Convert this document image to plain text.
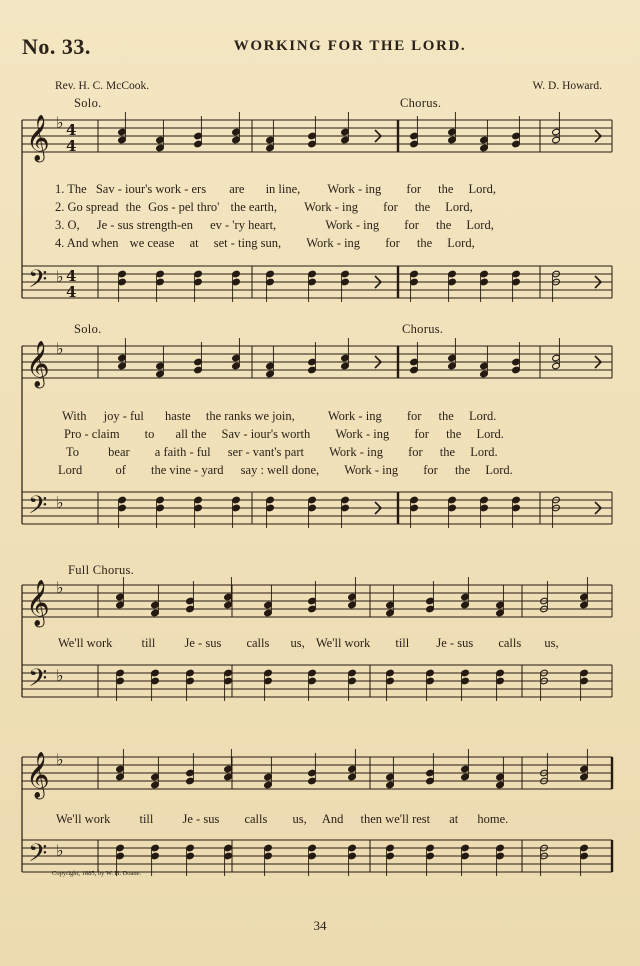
No. 33.	WORKING FOR THE LORD.
Rev. H. C. McCook.	W. D. Howard.
Solo.	Chorus.
Solo.	Chorus.
Full Chorus.
1. The Sav - iour's work - ers are in line, Work - ing for the Lord,
2. Go spread the Gos - pel thro' the earth, Work - ing for the Lord,
3. O, Je - sus strength-en ev - 'ry heart,	Work - ing for the Lord,
4. And when we cease at set - ting sun, Work - ing for the Lord,
With joy - ful haste the ranks we join,	Work - ing for the Lord.
Pro - claim to all the Sav - iour's worth Work - ing for the Lord.
To bear a faith - ful ser - vant's part Work - ing for the Lord.
Lord	of the vine - yard say : well done, Work - ing for the Lord.
We'll work till Je - sus calls us, We'll work till Je - sus calls us,
We'll work till Je - sus calls us, And then we'll rest at home.
Copyright, 1885, by W. H. Doane.
34
𝄞
𝄢
♭
♭
4
4
4
4
𝄞
𝄢
♭
♭
𝄞
𝄢
♭
♭
𝄞
𝄢
♭
♭
